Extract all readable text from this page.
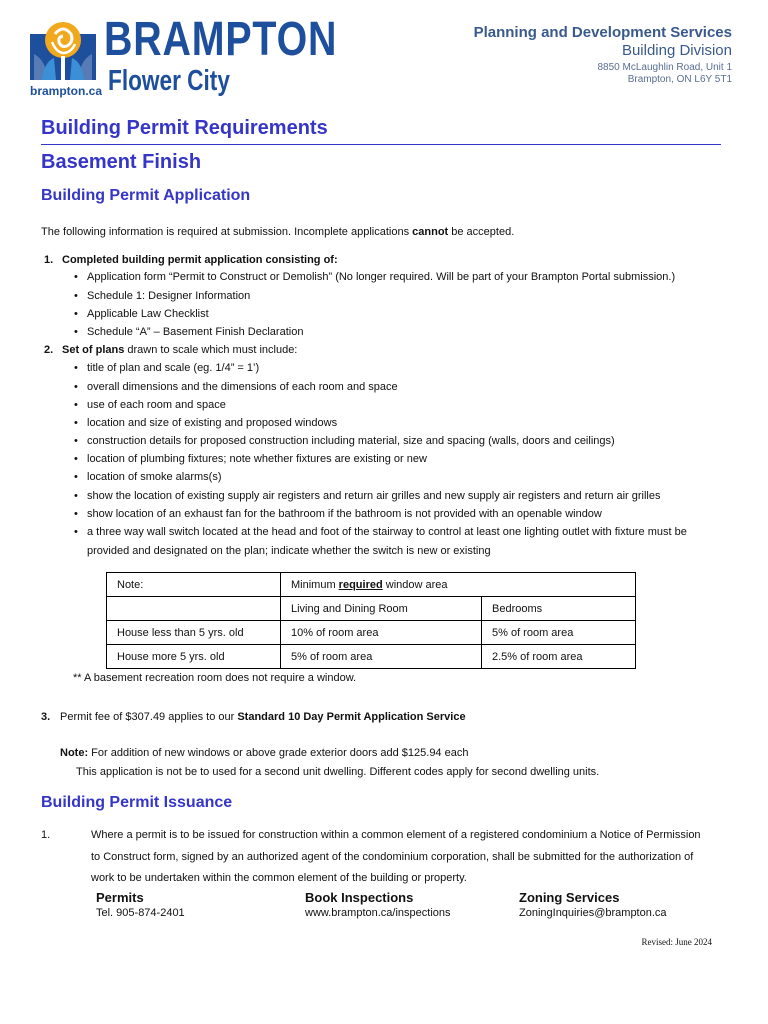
BRAMPTON
Flower City
brampton.ca
Planning and Development Services
Building Division
8850 McLaughlin Road, Unit 1
Brampton, ON L6Y 5T1
Building Permit Requirements
Basement Finish
Building Permit Application
The following information is required at submission. Incomplete applications cannot be accepted.
1. Completed building permit application consisting of:
• Application form “Permit to Construct or Demolish” (No longer required. Will be part of your Brampton Portal submission.)
• Schedule 1: Designer Information
• Applicable Law Checklist
• Schedule “A” – Basement Finish Declaration
2. Set of plans drawn to scale which must include:
• title of plan and scale (eg. 1/4” = 1’)
• overall dimensions and the dimensions of each room and space
• use of each room and space
• location and size of existing and proposed windows
• construction details for proposed construction including material, size and spacing (walls, doors and ceilings)
• location of plumbing fixtures; note whether fixtures are existing or new
• location of smoke alarms(s)
• show the location of existing supply air registers and return air grilles and new supply air registers and return air grilles
• show location of an exhaust fan for the bathroom if the bathroom is not provided with an openable window
• a three way wall switch located at the head and foot of the stairway to control at least one lighting outlet with fixture must be
provided and designated on the plan; indicate whether the switch is new or existing
Note:	Minimum required window area	
	Living and Dining Room	Bedrooms
House less than 5 yrs. old	10% of room area	5% of room area
House more 5 yrs. old	5% of room area	2.5% of room area
** A basement recreation room does not require a window.
3. Permit fee of $307.49 applies to our Standard 10 Day Permit Application Service
Note: For addition of new windows or above grade exterior doors add $125.94 each
This application is not be to used for a second unit dwelling. Different codes apply for second dwelling units.
Building Permit Issuance
1.	Where a permit is to be issued for construction within a common element of a registered condominium a Notice of Permission
to Construct form, signed by an authorized agent of the condominium corporation, shall be submitted for the authorization of
work to be undertaken within the common element of the building or property.
Permits
Tel. 905-874-2401
Book Inspections
www.brampton.ca/inspections
Zoning Services
ZoningInquiries@brampton.ca
Revised: June 2024
